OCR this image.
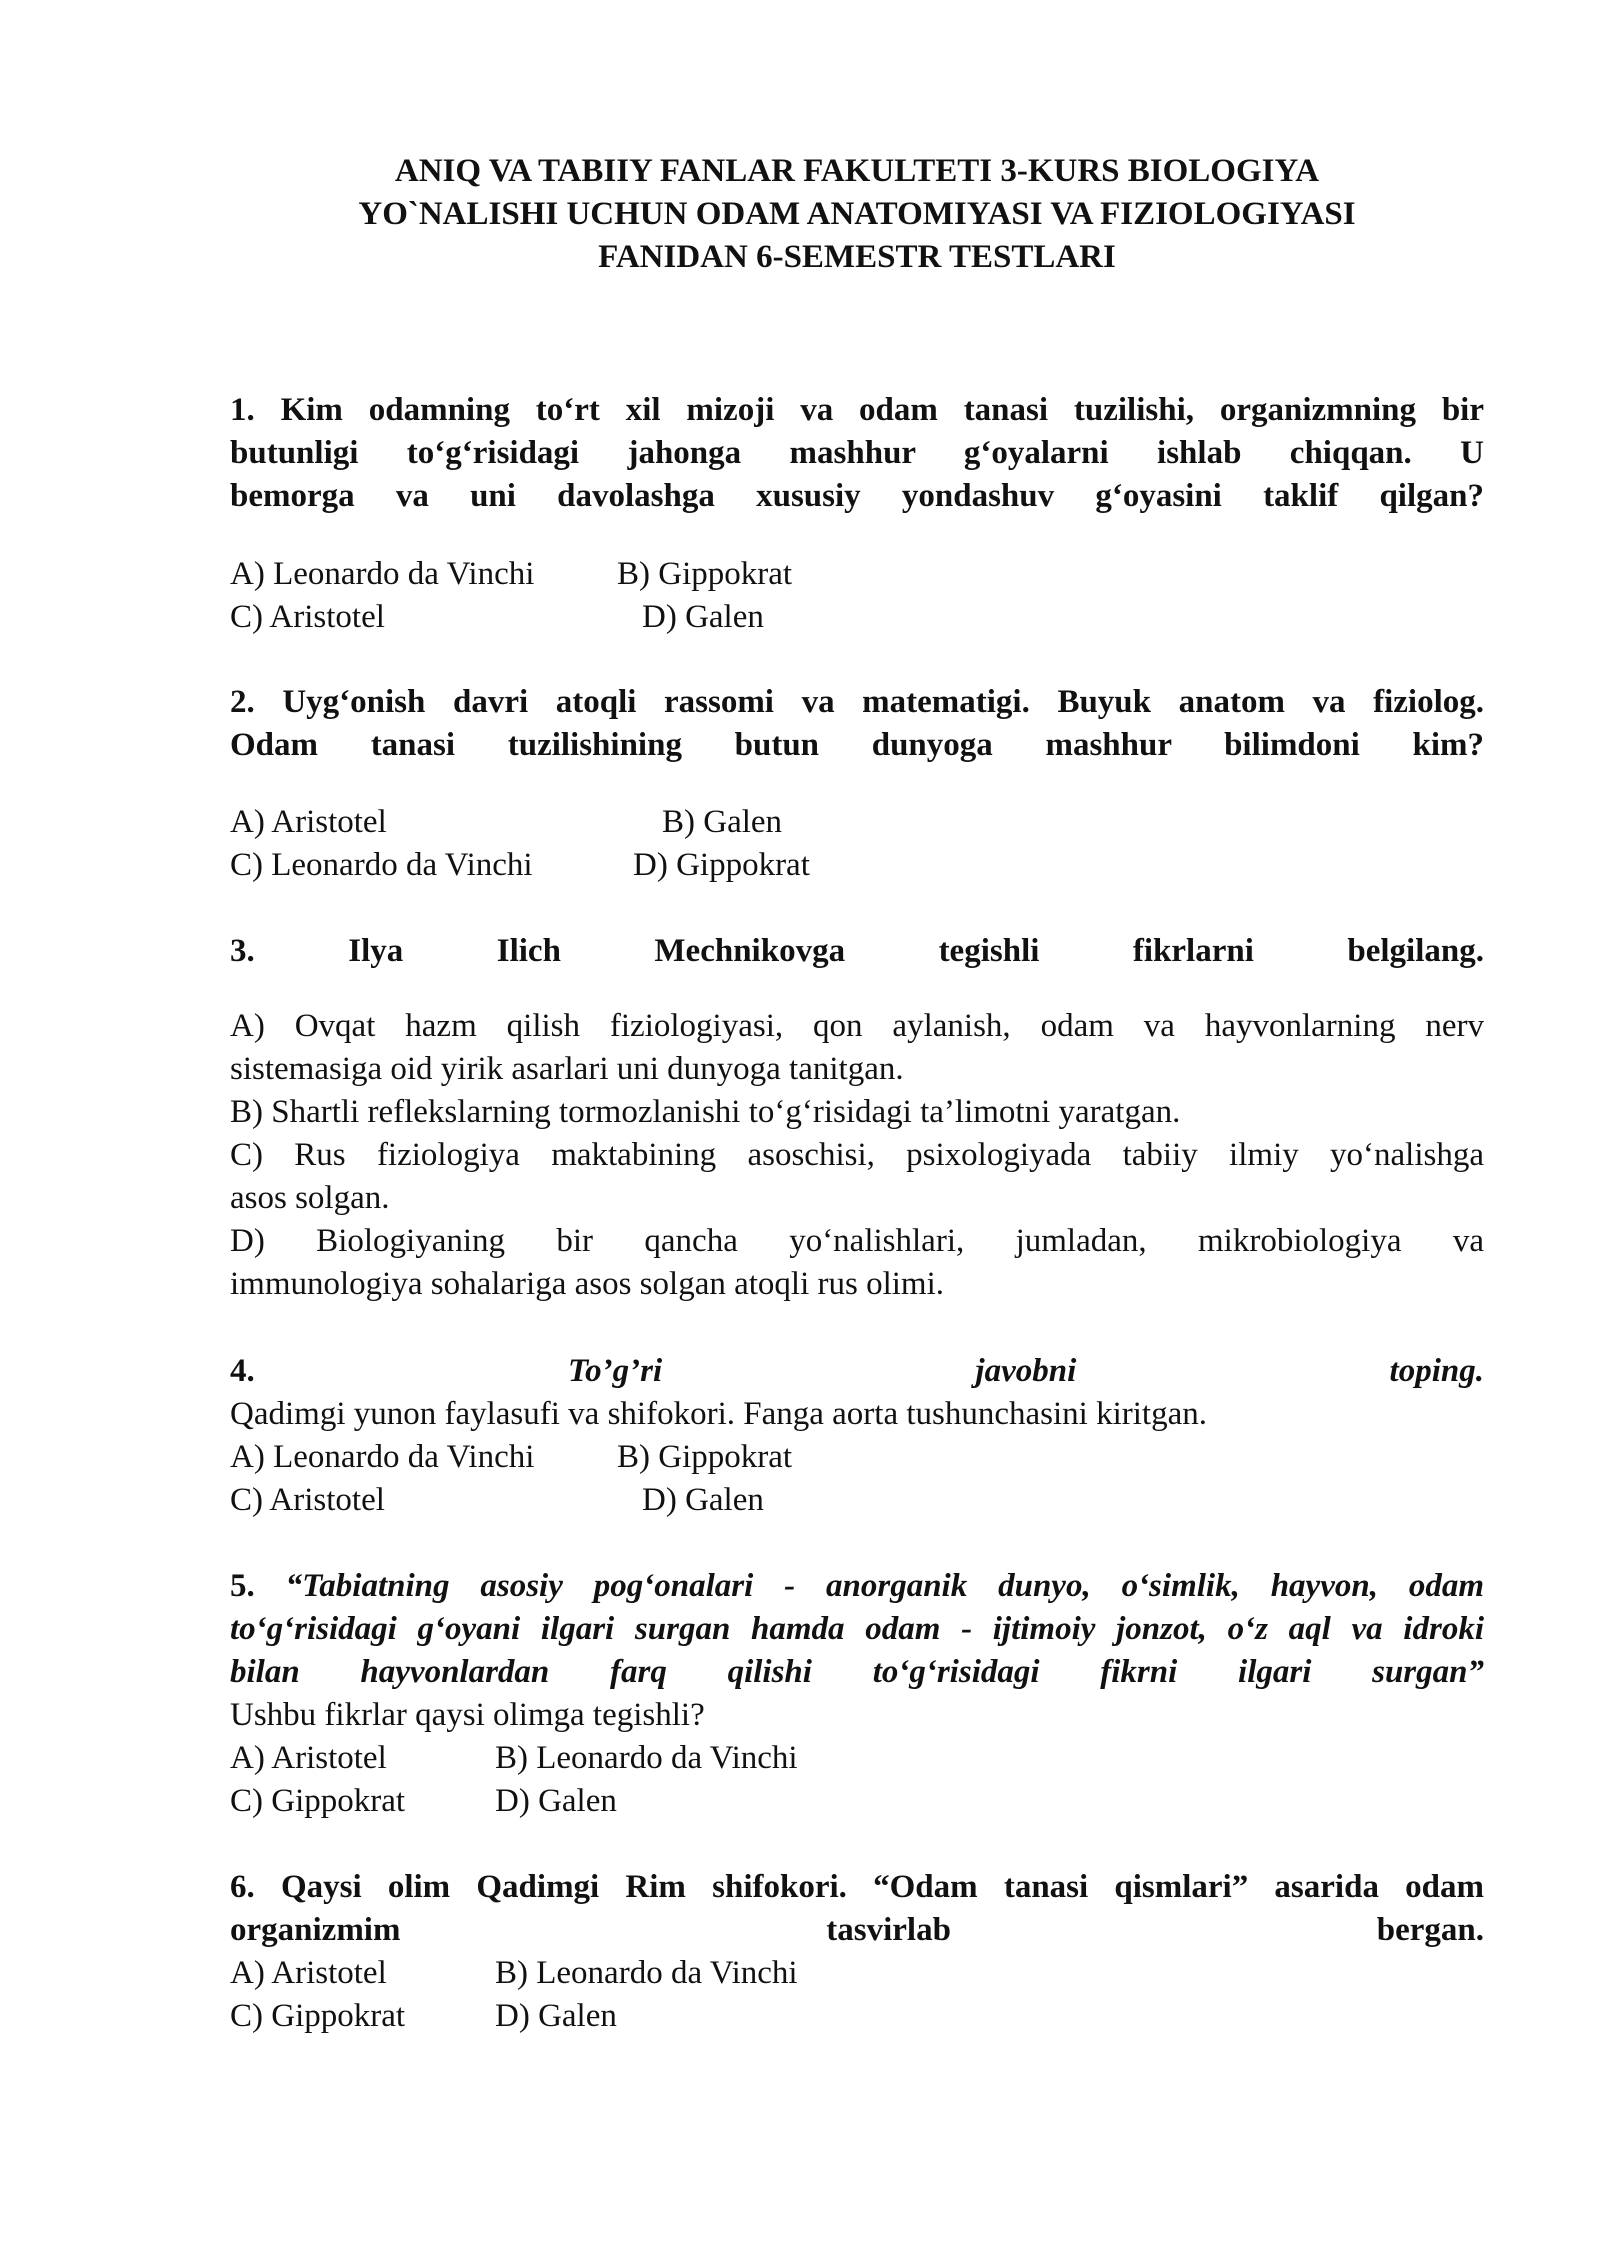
ANIQ VA TABIIY FANLAR FAKULTETI 3-KURS BIOLOGIYA
YO`NALISHI UCHUN ODAM ANATOMIYASI VA FIZIOLOGIYASI
FANIDAN 6-SEMESTR TESTLARI
1. Kim odamning to‘rt xil mizoji va odam tanasi tuzilishi, organizmning bir
butunligi to‘g‘risidagi jahonga mashhur g‘oyalarni ishlab chiqqan. U
bemorga va uni davolashga xususiy yondashuv g‘oyasini taklif qilgan?
A) Leonardo da Vinchi	B) Gippokrat
C) Aristotel	D) Galen
2. Uyg‘onish davri atoqli rassomi va matematigi. Buyuk anatom va fiziolog.
Odam tanasi tuzilishining butun dunyoga mashhur bilimdoni kim?
A) Aristotel	B) Galen
C) Leonardo da Vinchi	D) Gippokrat
3. Ilya Ilich Mechnikovga tegishli fikrlarni belgilang.
A) Ovqat hazm qilish fiziologiyasi, qon aylanish, odam va hayvonlarning nerv
sistemasiga oid yirik asarlari uni dunyoga tanitgan.
B) Shartli reflekslarning tormozlanishi to‘g‘risidagi ta’limotni yaratgan.
C) Rus fiziologiya maktabining asoschisi, psixologiyada tabiiy ilmiy yo‘nalishga
asos solgan.
D) Biologiyaning bir qancha yo‘nalishlari, jumladan, mikrobiologiya va
immunologiya sohalariga asos solgan atoqli rus olimi.
4.	To’g’ri javobni toping.
Qadimgi yunon faylasufi va shifokori. Fanga aorta tushunchasini kiritgan.
A) Leonardo da Vinchi	B) Gippokrat
C) Aristotel	D) Galen
5. “Tabiatning asosiy pog‘onalari - anorganik dunyo, o‘simlik, hayvon, odam
to‘g‘risidagi g‘oyani ilgari surgan hamda odam - ijtimoiy jonzot, o‘z aql va idroki
bilan hayvonlardan farq qilishi to‘g‘risidagi fikrni ilgari surgan”
Ushbu fikrlar qaysi olimga tegishli?
A) Aristotel	B) Leonardo da Vinchi
C) Gippokrat	D) Galen
6. Qaysi olim Qadimgi Rim shifokori. “Odam tanasi qismlari” asarida odam
organizmim tasvirlab bergan.
A) Aristotel	B) Leonardo da Vinchi
C) Gippokrat	D) Galen
